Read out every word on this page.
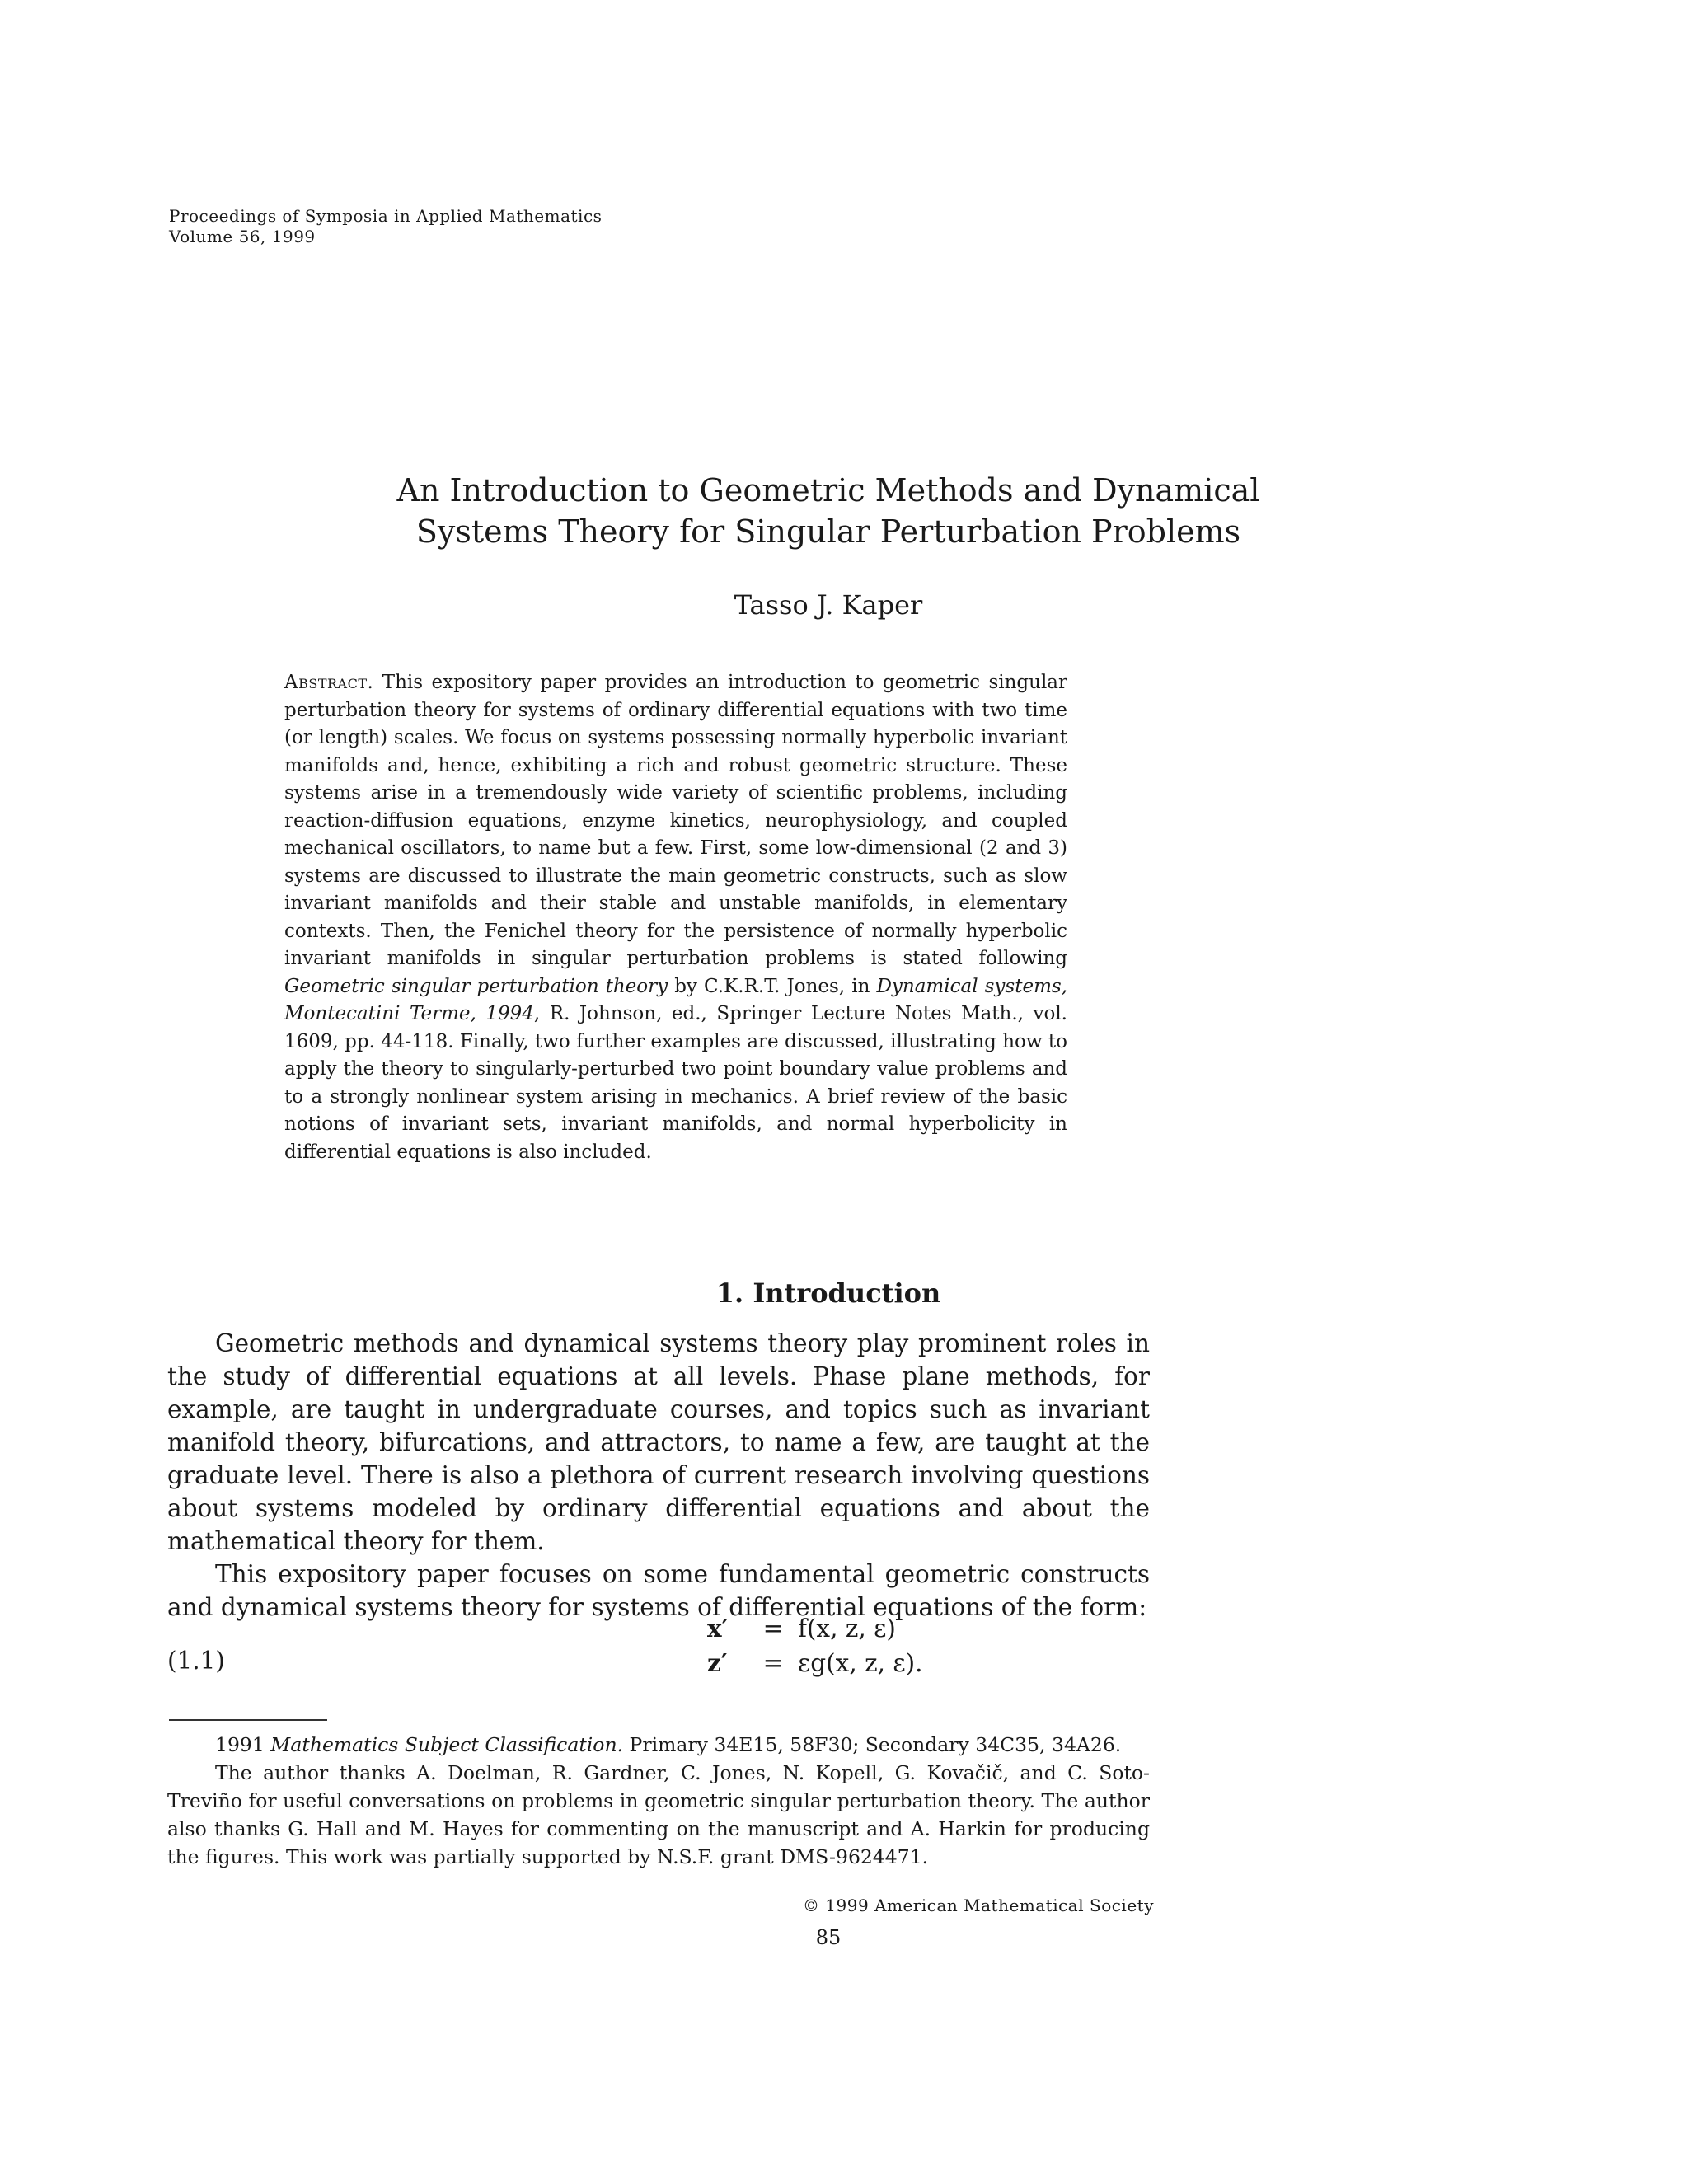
Proceedings of Symposia in Applied Mathematics
Volume 56, 1999
An Introduction to Geometric Methods and Dynamical
Systems Theory for Singular Perturbation Problems
Tasso J. Kaper
Abstract. This expository paper provides an introduction to geometric singular perturbation theory for systems of ordinary differential equations with two time (or length) scales. We focus on systems possessing normally hyperbolic invariant manifolds and, hence, exhibiting a rich and robust geometric structure. These systems arise in a tremendously wide variety of scientific problems, including reaction-diffusion equations, enzyme kinetics, neurophysiology, and coupled mechanical oscillators, to name but a few. First, some low-dimensional (2 and 3) systems are discussed to illustrate the main geometric constructs, such as slow invariant manifolds and their stable and unstable manifolds, in elementary contexts. Then, the Fenichel theory for the persistence of normally hyperbolic invariant manifolds in singular perturbation problems is stated following Geometric singular perturbation theory by C.K.R.T. Jones, in Dynamical systems, Montecatini Terme, 1994, R. Johnson, ed., Springer Lecture Notes Math., vol. 1609, pp. 44-118. Finally, two further examples are discussed, illustrating how to apply the theory to singularly-perturbed two point boundary value problems and to a strongly nonlinear system arising in mechanics. A brief review of the basic notions of invariant sets, invariant manifolds, and normal hyperbolicity in differential equations is also included.
1. Introduction

Geometric methods and dynamical systems theory play prominent roles in the study of differential equations at all levels. Phase plane methods, for example, are taught in undergraduate courses, and topics such as invariant manifold theory, bifurcations, and attractors, to name a few, are taught at the graduate level. There is also a plethora of current research involving questions about systems modeled by ordinary differential equations and about the mathematical theory for them.

This expository paper focuses on some fundamental geometric constructs and dynamical systems theory for systems of differential equations of the form:

(1.1)
x′ = f(x, z, ε)
z′ = εg(x, z, ε).

1991 Mathematics Subject Classification. Primary 34E15, 58F30; Secondary 34C35, 34A26.

The author thanks A. Doelman, R. Gardner, C. Jones, N. Kopell, G. Kovačič, and C. Soto-Treviño for useful conversations on problems in geometric singular perturbation theory. The author also thanks G. Hall and M. Hayes for commenting on the manuscript and A. Harkin for producing the figures. This work was partially supported by N.S.F. grant DMS-9624471.

© 1999 American Mathematical Society
85
